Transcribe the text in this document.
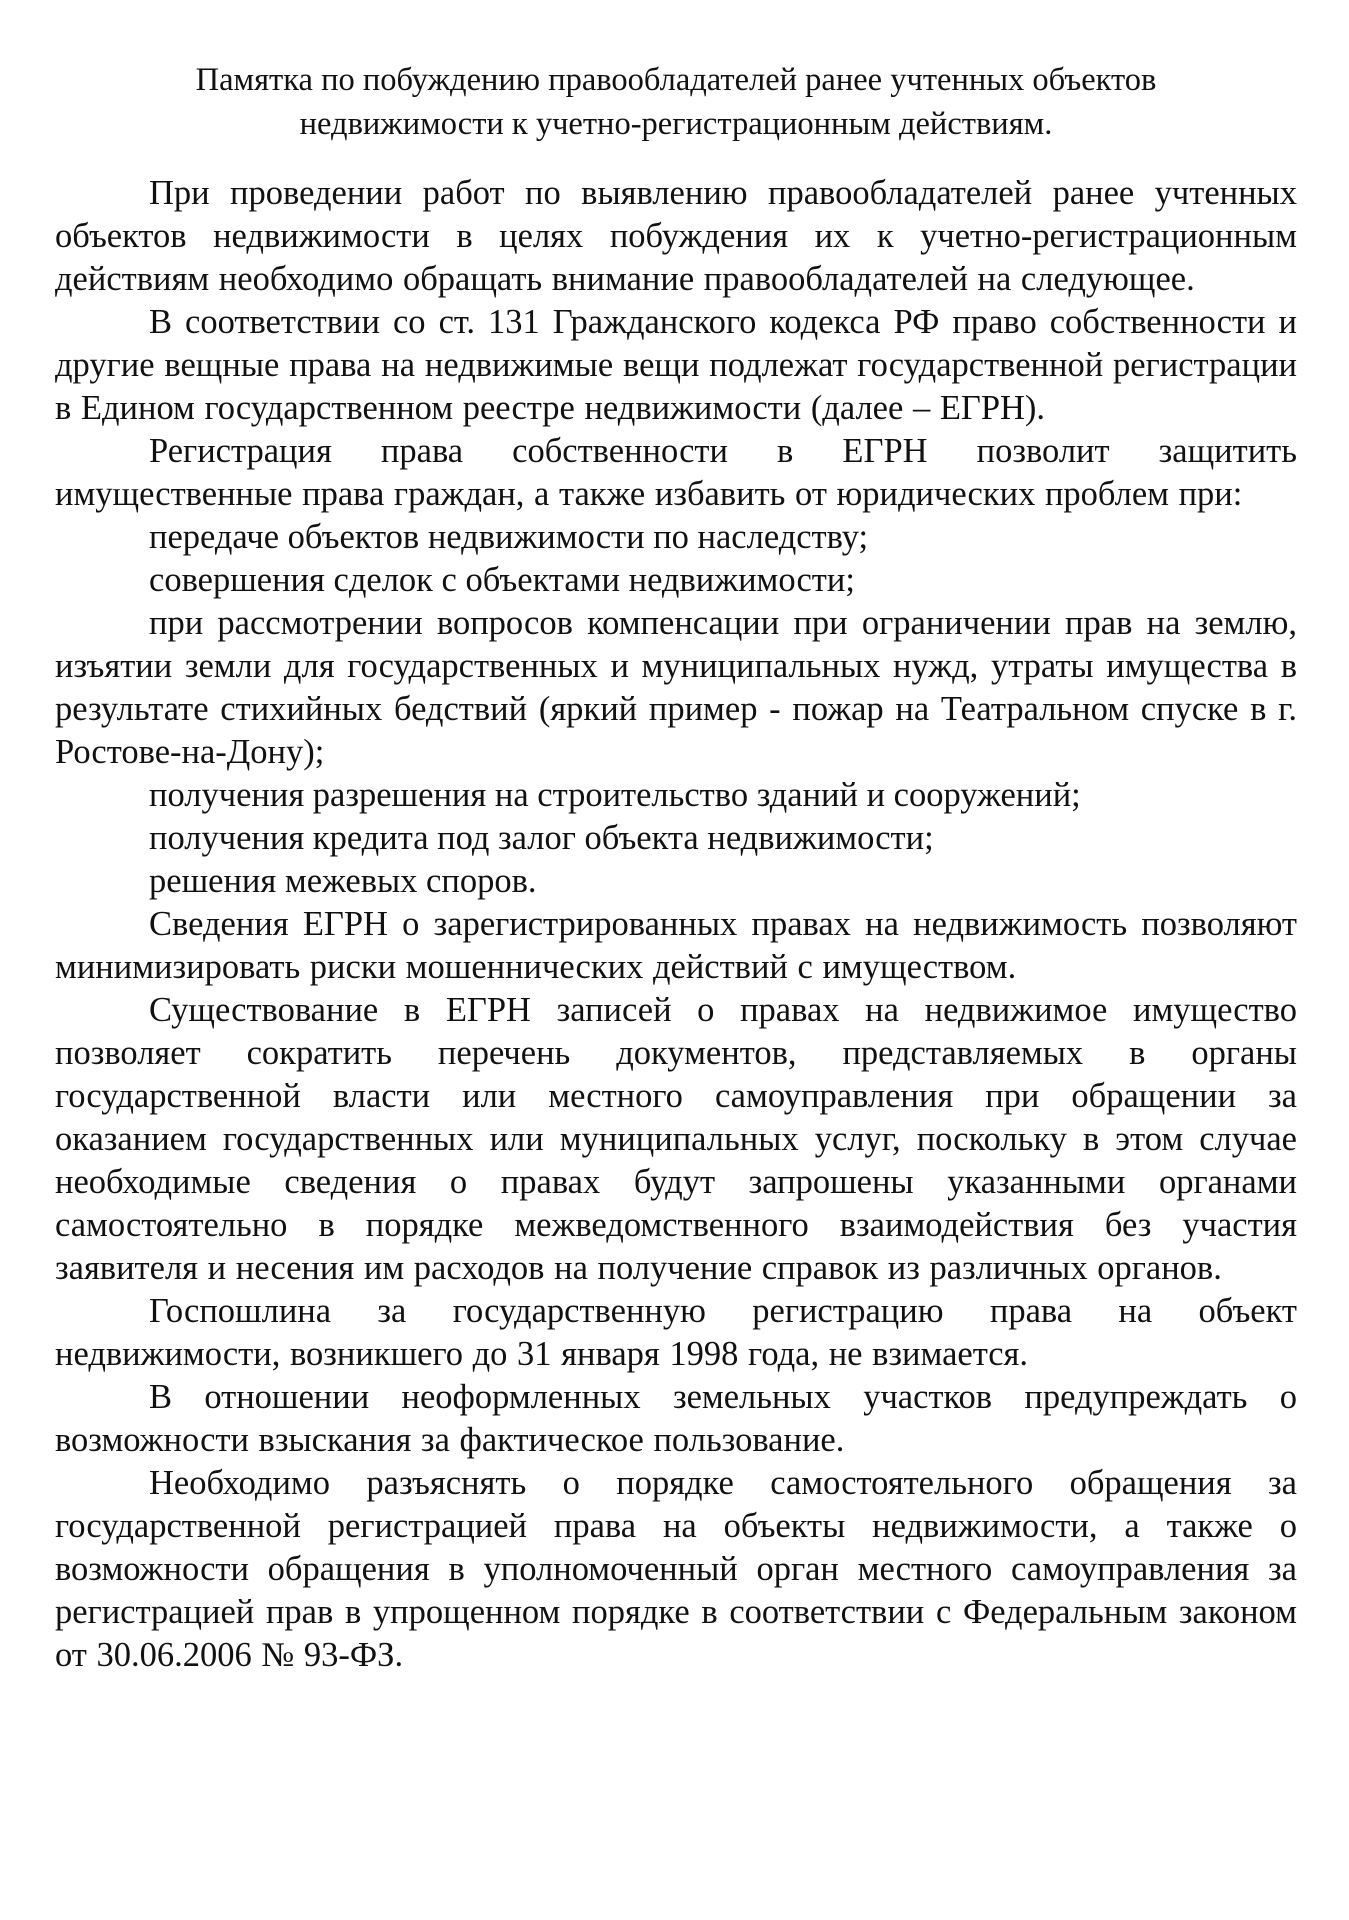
Памятка по побуждению правообладателей ранее учтенных объектов
недвижимости к учетно-регистрационным действиям.

При проведении работ по выявлению правообладателей ранее учтенных объектов недвижимости в целях побуждения их к учетно-регистрационным действиям необходимо обращать внимание правообладателей на следующее.

В соответствии со ст. 131 Гражданского кодекса РФ право собственности и другие вещные права на недвижимые вещи подлежат государственной регистрации в Едином государственном реестре недвижимости (далее – ЕГРН).

Регистрация права собственности в ЕГРН позволит защитить имущественные права граждан, а также избавить от юридических проблем при:

передаче объектов недвижимости по наследству;

совершения сделок с объектами недвижимости;

при рассмотрении вопросов компенсации при ограничении прав на землю, изъятии земли для государственных и муниципальных нужд, утраты имущества в результате стихийных бедствий (яркий пример - пожар на Театральном спуске в г. Ростове-на-Дону);

получения разрешения на строительство зданий и сооружений;

получения кредита под залог объекта недвижимости;

решения межевых споров.

Сведения ЕГРН о зарегистрированных правах на недвижимость позволяют минимизировать риски мошеннических действий с имуществом.

Существование в ЕГРН записей о правах на недвижимое имущество позволяет сократить перечень документов, представляемых в органы государственной власти или местного самоуправления при обращении за оказанием государственных или муниципальных услуг, поскольку в этом случае необходимые сведения о правах будут запрошены указанными органами самостоятельно в порядке межведомственного взаимодействия без участия заявителя и несения им расходов на получение справок из различных органов.

Госпошлина за государственную регистрацию права на объект недвижимости, возникшего до 31 января 1998 года, не взимается.

В отношении неоформленных земельных участков предупреждать о возможности взыскания за фактическое пользование.

Необходимо разъяснять о порядке самостоятельного обращения за государственной регистрацией права на объекты недвижимости, а также о возможности обращения в уполномоченный орган местного самоуправления за регистрацией прав в упрощенном порядке в соответствии с Федеральным законом от 30.06.2006 № 93-ФЗ.
